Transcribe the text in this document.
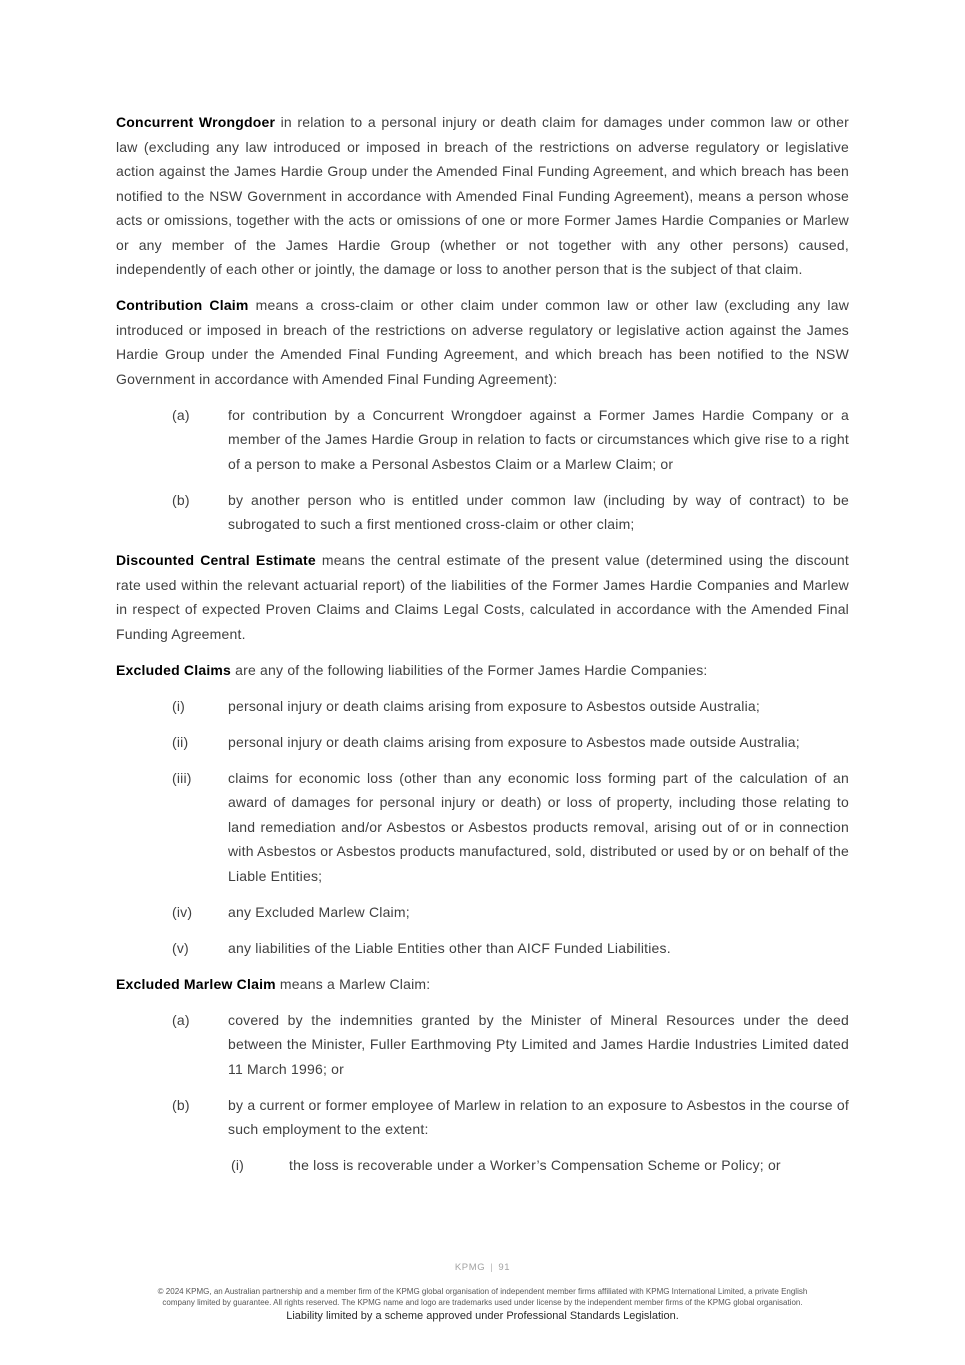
Concurrent Wrongdoer in relation to a personal injury or death claim for damages under common law or other law (excluding any law introduced or imposed in breach of the restrictions on adverse regulatory or legislative action against the James Hardie Group under the Amended Final Funding Agreement, and which breach has been notified to the NSW Government in accordance with Amended Final Funding Agreement), means a person whose acts or omissions, together with the acts or omissions of one or more Former James Hardie Companies or Marlew or any member of the James Hardie Group (whether or not together with any other persons) caused, independently of each other or jointly, the damage or loss to another person that is the subject of that claim.

Contribution Claim means a cross-claim or other claim under common law or other law (excluding any law introduced or imposed in breach of the restrictions on adverse regulatory or legislative action against the James Hardie Group under the Amended Final Funding Agreement, and which breach has been notified to the NSW Government in accordance with Amended Final Funding Agreement):

(a)	for contribution by a Concurrent Wrongdoer against a Former James Hardie Company or a member of the James Hardie Group in relation to facts or circumstances which give rise to a right of a person to make a Personal Asbestos Claim or a Marlew Claim; or
(b)	by another person who is entitled under common law (including by way of contract) to be subrogated to such a first mentioned cross-claim or other claim;

Discounted Central Estimate means the central estimate of the present value (determined using the discount rate used within the relevant actuarial report) of the liabilities of the Former James Hardie Companies and Marlew in respect of expected Proven Claims and Claims Legal Costs, calculated in accordance with the Amended Final Funding Agreement.

Excluded Claims are any of the following liabilities of the Former James Hardie Companies:

(i)	personal injury or death claims arising from exposure to Asbestos outside Australia;
(ii)	personal injury or death claims arising from exposure to Asbestos made outside Australia;
(iii)	claims for economic loss (other than any economic loss forming part of the calculation of an award of damages for personal injury or death) or loss of property, including those relating to land remediation and/or Asbestos or Asbestos products removal, arising out of or in connection with Asbestos or Asbestos products manufactured, sold, distributed or used by or on behalf of the Liable Entities;
(iv)	any Excluded Marlew Claim;
(v)	any liabilities of the Liable Entities other than AICF Funded Liabilities.

Excluded Marlew Claim means a Marlew Claim:

(a)	covered by the indemnities granted by the Minister of Mineral Resources under the deed between the Minister, Fuller Earthmoving Pty Limited and James Hardie Industries Limited dated 11 March 1996; or
(b)	by a current or former employee of Marlew in relation to an exposure to Asbestos in the course of such employment to the extent:
(i)	the loss is recoverable under a Worker’s Compensation Scheme or Policy; or
KPMG | 91
© 2024 KPMG, an Australian partnership and a member firm of the KPMG global organisation of independent member firms affiliated with KPMG International Limited, a private English
company limited by guarantee. All rights reserved. The KPMG name and logo are trademarks used under license by the independent member firms of the KPMG global organisation.
Liability limited by a scheme approved under Professional Standards Legislation.
